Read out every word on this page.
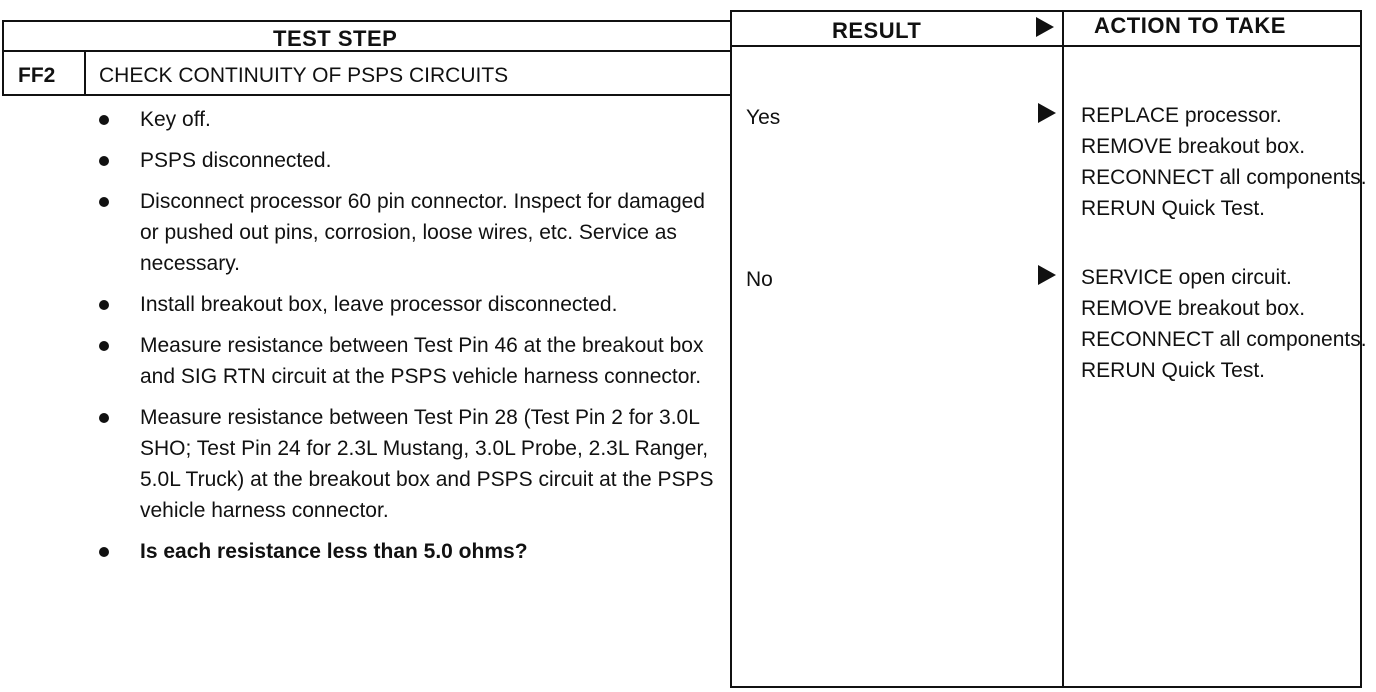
TEST STEP	RESULT	ACTION TO TAKE
FF2 CHECK CONTINUITY OF PSPS CIRCUITS
Key off.
PSPS disconnected.
Disconnect processor 60 pin connector. Inspect for damaged or pushed out pins, corrosion, loose wires, etc. Service as necessary.
Install breakout box, leave processor disconnected.
Measure resistance between Test Pin 46 at the breakout box and SIG RTN circuit at the PSPS vehicle harness connector.
Measure resistance between Test Pin 28 (Test Pin 2 for 3.0L SHO; Test Pin 24 for 2.3L Mustang, 3.0L Probe, 2.3L Ranger, 5.0L Truck) at the breakout box and PSPS circuit at the PSPS vehicle harness connector.
Is each resistance less than 5.0 ohms?
Yes
No
REPLACE processor. REMOVE breakout box. RECONNECT all components. RERUN Quick Test.
SERVICE open circuit. REMOVE breakout box. RECONNECT all components. RERUN Quick Test.
